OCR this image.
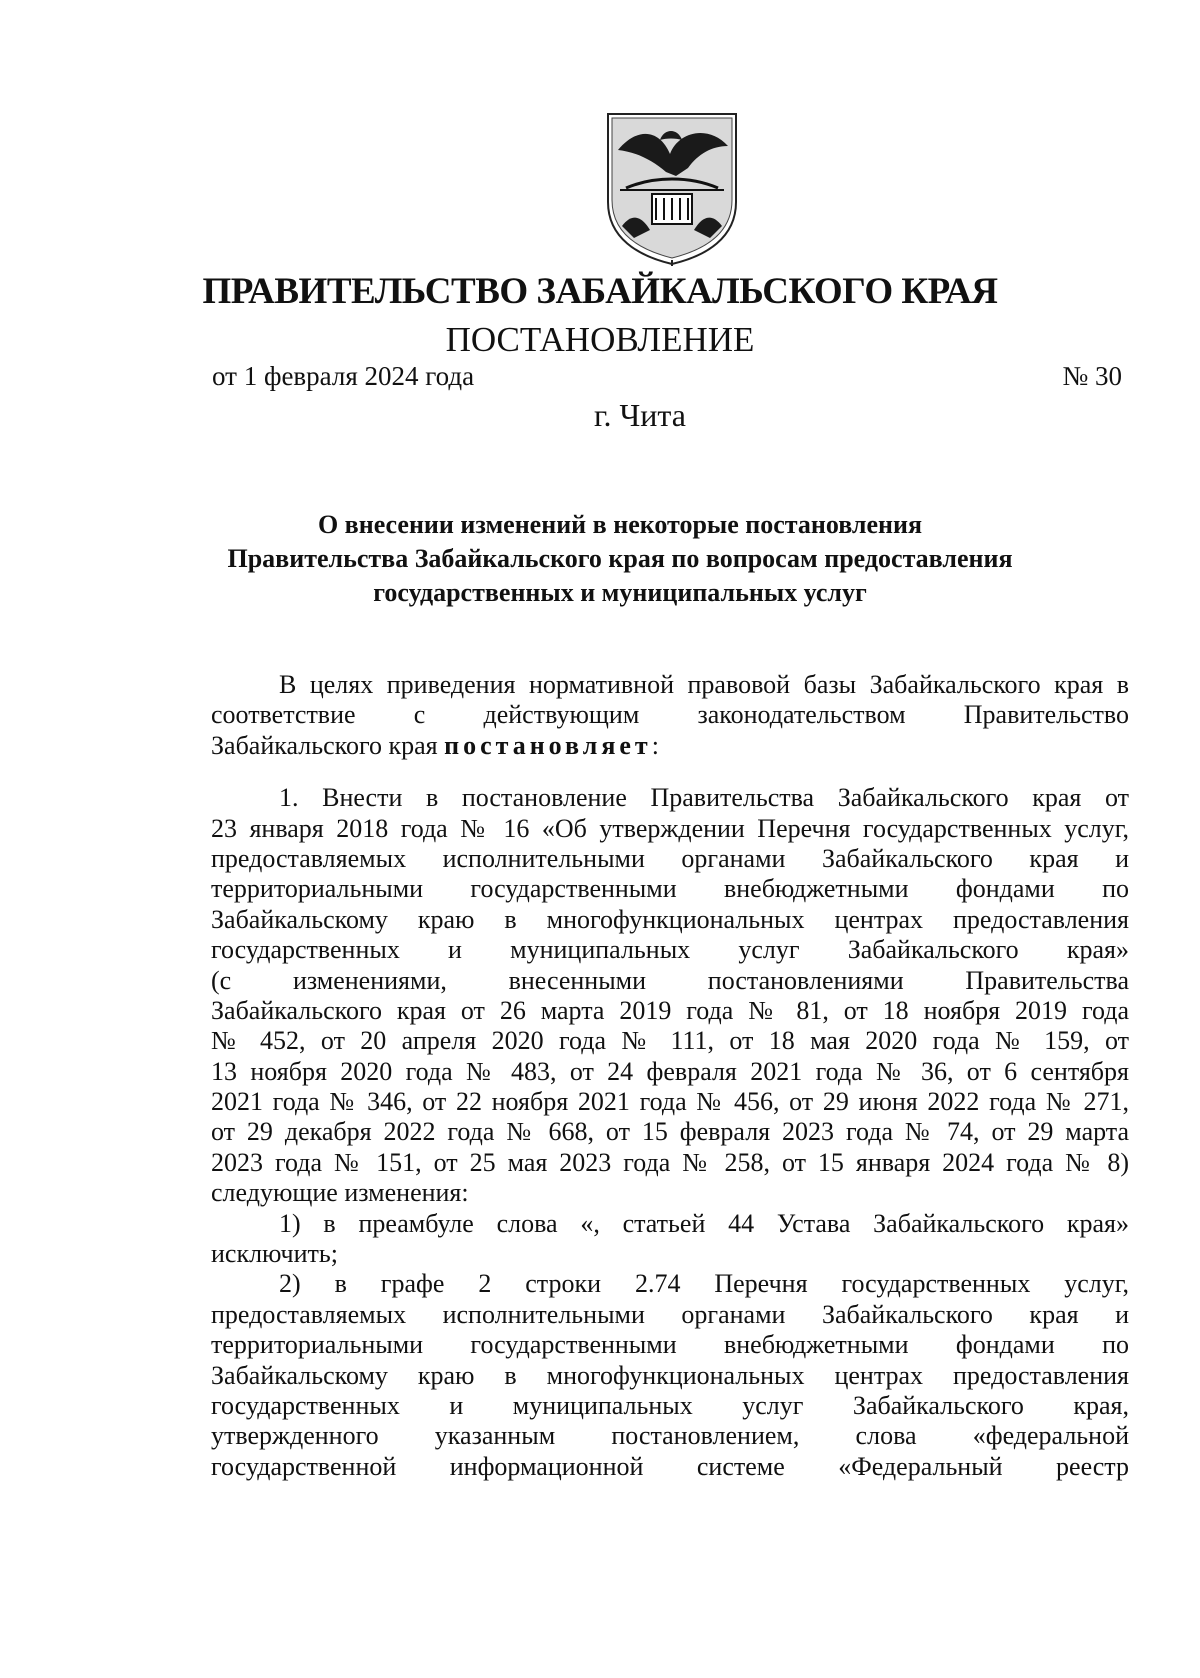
ПРАВИТЕЛЬСТВО ЗАБАЙКАЛЬСКОГО КРАЯ
ПОСТАНОВЛЕНИЕ
от 1 февраля 2024 года	№ 30
г. Чита
О внесении изменений в некоторые постановления
Правительства Забайкальского края по вопросам предоставления
государственных и муниципальных услуг
В целях приведения нормативной правовой базы Забайкальского края в
соответствие с действующим законодательством Правительство
Забайкальского края постановляет:
1. Внести в постановление Правительства Забайкальского края от
23 января 2018 года № 16 «Об утверждении Перечня государственных услуг,
предоставляемых исполнительными органами Забайкальского края и
территориальными государственными внебюджетными фондами по
Забайкальскому краю в многофункциональных центрах предоставления
государственных и муниципальных услуг Забайкальского края»
(с изменениями, внесенными постановлениями Правительства
Забайкальского края от 26 марта 2019 года № 81, от 18 ноября 2019 года
№ 452, от 20 апреля 2020 года № 111, от 18 мая 2020 года № 159, от
13 ноября 2020 года № 483, от 24 февраля 2021 года № 36, от 6 сентября
2021 года № 346, от 22 ноября 2021 года № 456, от 29 июня 2022 года № 271,
от 29 декабря 2022 года № 668, от 15 февраля 2023 года № 74, от 29 марта
2023 года № 151, от 25 мая 2023 года № 258, от 15 января 2024 года № 8)
следующие изменения:
1) в преамбуле слова «, статьей 44 Устава Забайкальского края»
исключить;
2) в графе 2 строки 2.74 Перечня государственных услуг,
предоставляемых исполнительными органами Забайкальского края и
территориальными государственными внебюджетными фондами по
Забайкальскому краю в многофункциональных центрах предоставления
государственных и муниципальных услуг Забайкальского края,
утвержденного указанным постановлением, слова «федеральной
государственной информационной системе «Федеральный реестр
